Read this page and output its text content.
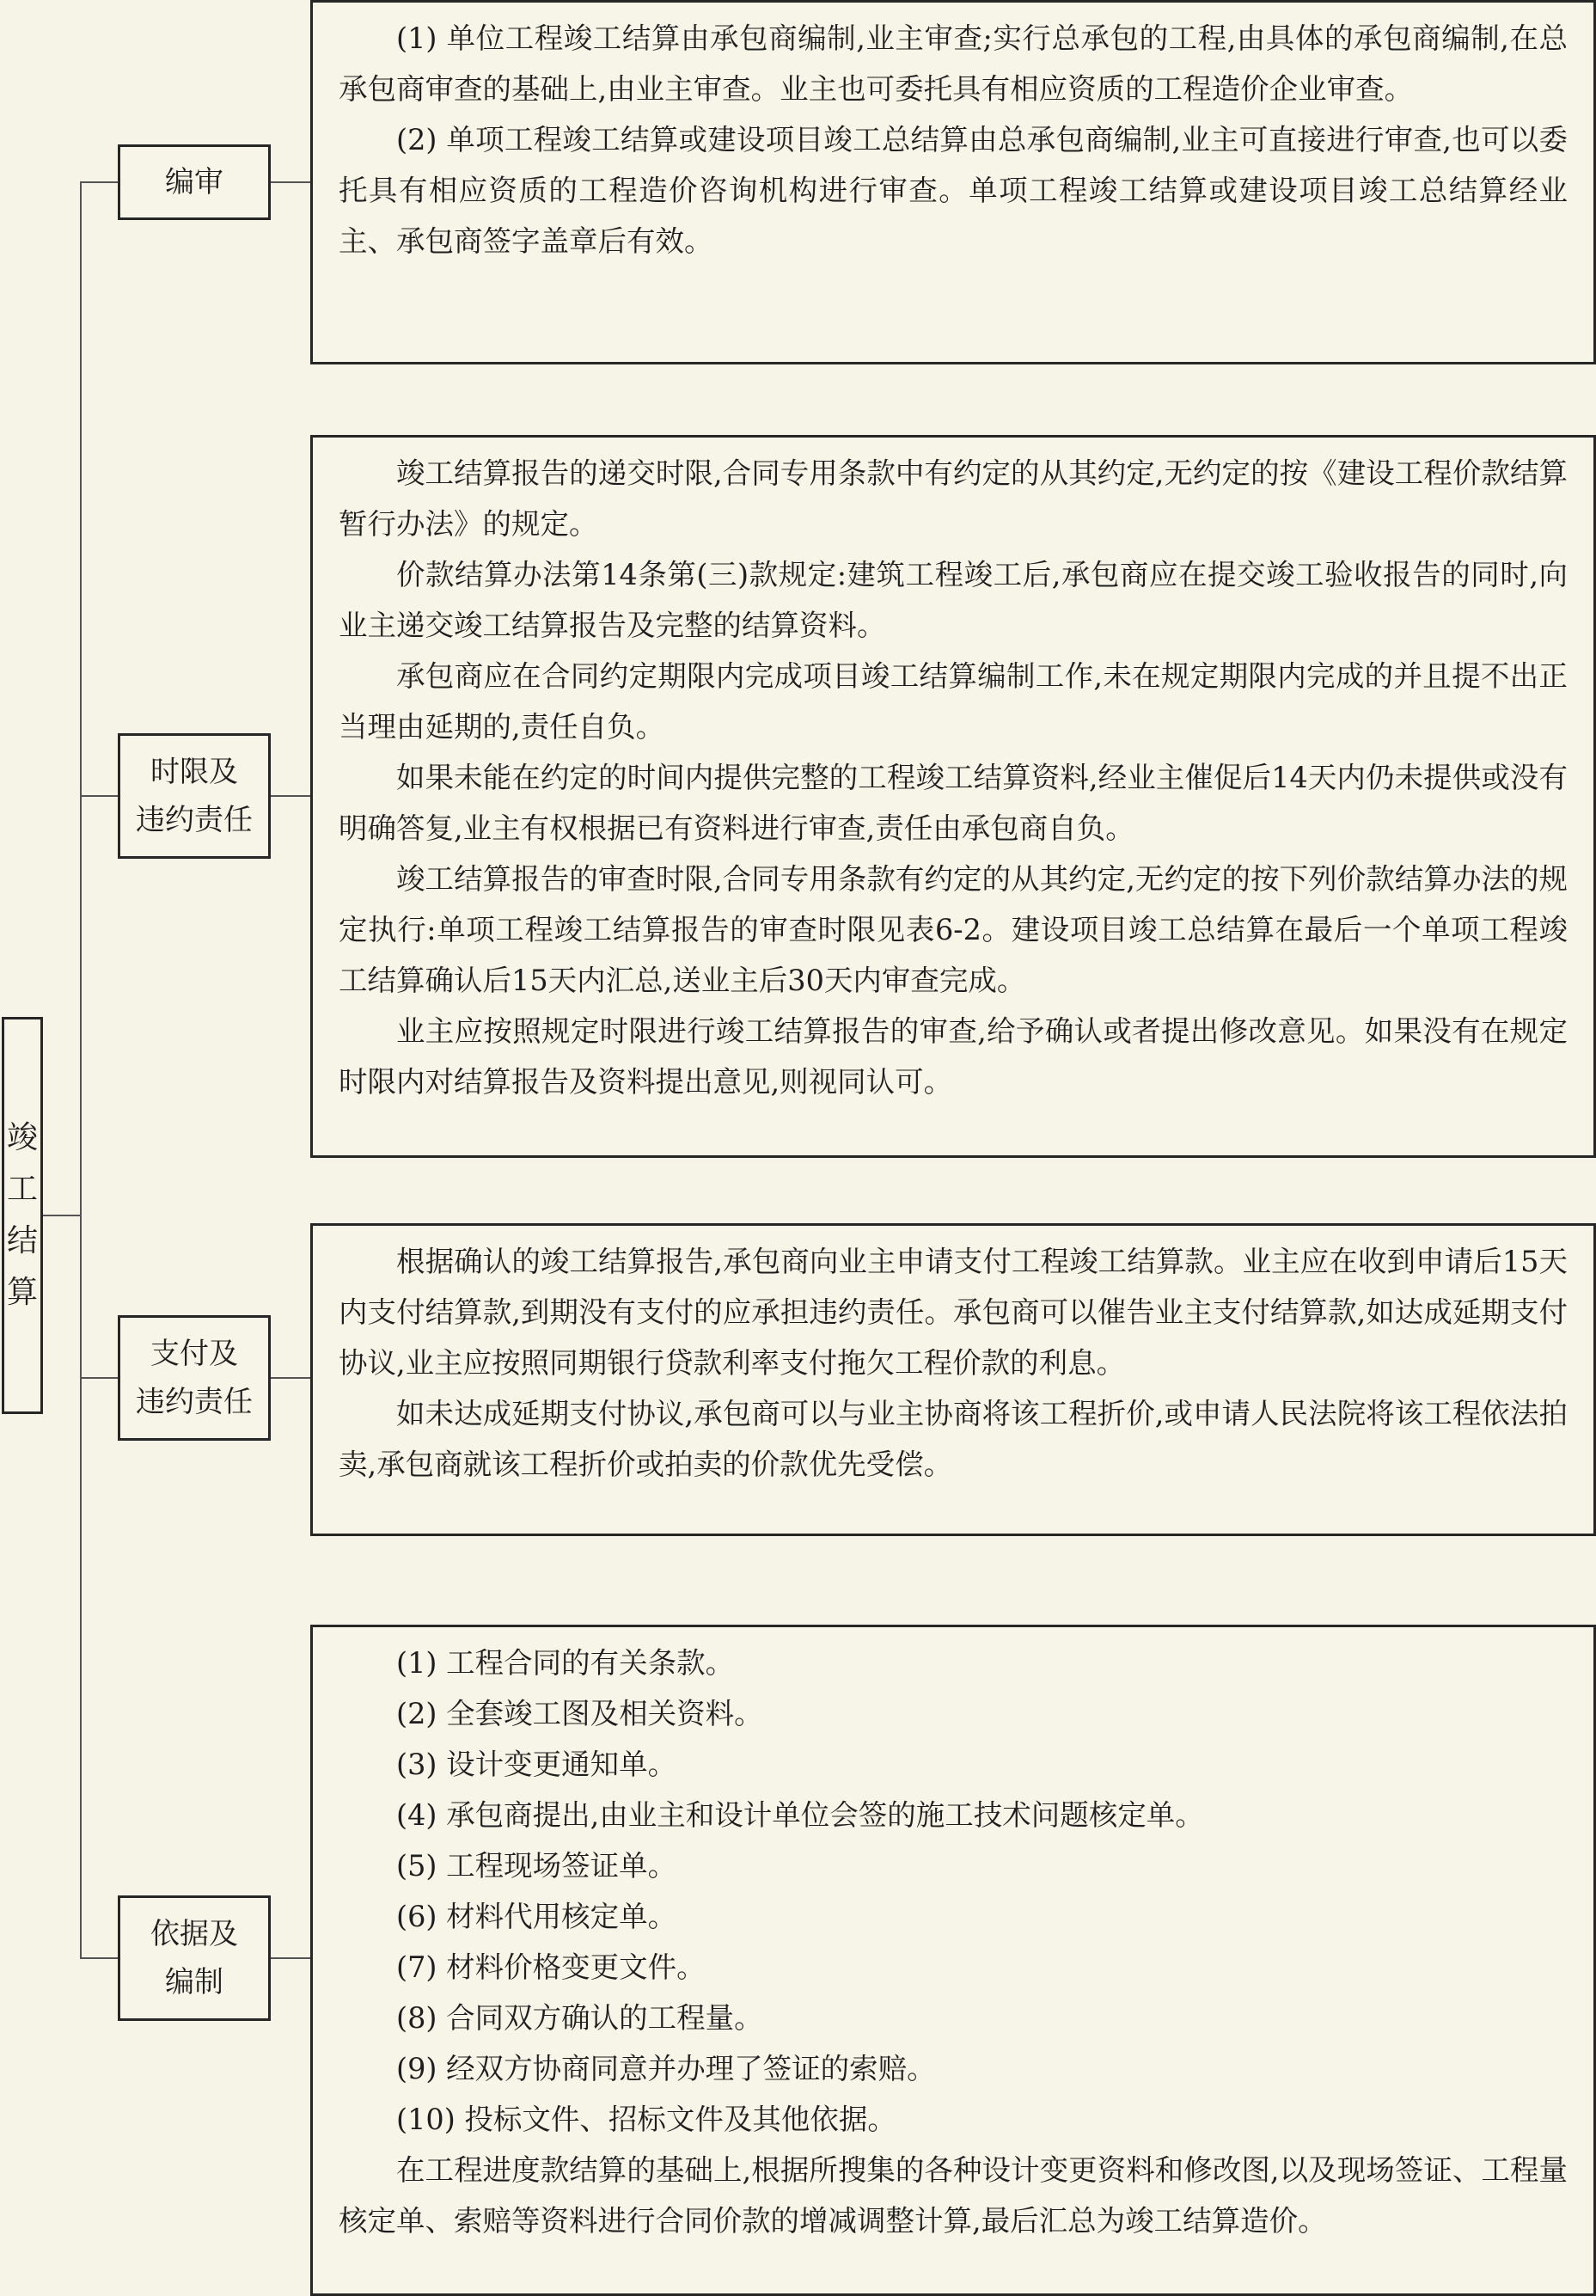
竣
工
结
算
编审

(1) 单位工程竣工结算由承包商编制,业主审查;实行总承包的工程,由具体的承包商编制,在总承包商审查的基础上,由业主审查。业主也可委托具有相应资质的工程造价企业审查。

(2) 单项工程竣工结算或建设项目竣工总结算由总承包商编制,业主可直接进行审查,也可以委托具有相应资质的工程造价咨询机构进行审查。单项工程竣工结算或建设项目竣工总结算经业主、承包商签字盖章后有效。

时限及
违约责任

竣工结算报告的递交时限,合同专用条款中有约定的从其约定,无约定的按《建设工程价款结算暂行办法》的规定。

价款结算办法第14条第(三)款规定:建筑工程竣工后,承包商应在提交竣工验收报告的同时,向业主递交竣工结算报告及完整的结算资料。

承包商应在合同约定期限内完成项目竣工结算编制工作,未在规定期限内完成的并且提不出正当理由延期的,责任自负。

如果未能在约定的时间内提供完整的工程竣工结算资料,经业主催促后14天内仍未提供或没有明确答复,业主有权根据已有资料进行审查,责任由承包商自负。

竣工结算报告的审查时限,合同专用条款有约定的从其约定,无约定的按下列价款结算办法的规定执行:单项工程竣工结算报告的审查时限见表6-2。建设项目竣工总结算在最后一个单项工程竣工结算确认后15天内汇总,送业主后30天内审查完成。

业主应按照规定时限进行竣工结算报告的审查,给予确认或者提出修改意见。如果没有在规定时限内对结算报告及资料提出意见,则视同认可。

支付及
违约责任

根据确认的竣工结算报告,承包商向业主申请支付工程竣工结算款。业主应在收到申请后15天内支付结算款,到期没有支付的应承担违约责任。承包商可以催告业主支付结算款,如达成延期支付协议,业主应按照同期银行贷款利率支付拖欠工程价款的利息。

如未达成延期支付协议,承包商可以与业主协商将该工程折价,或申请人民法院将该工程依法拍卖,承包商就该工程折价或拍卖的价款优先受偿。

依据及
编制

(1) 工程合同的有关条款。

(2) 全套竣工图及相关资料。

(3) 设计变更通知单。

(4) 承包商提出,由业主和设计单位会签的施工技术问题核定单。

(5) 工程现场签证单。

(6) 材料代用核定单。

(7) 材料价格变更文件。

(8) 合同双方确认的工程量。

(9) 经双方协商同意并办理了签证的索赔。

(10) 投标文件、招标文件及其他依据。

在工程进度款结算的基础上,根据所搜集的各种设计变更资料和修改图,以及现场签证、工程量核定单、索赔等资料进行合同价款的增减调整计算,最后汇总为竣工结算造价。
